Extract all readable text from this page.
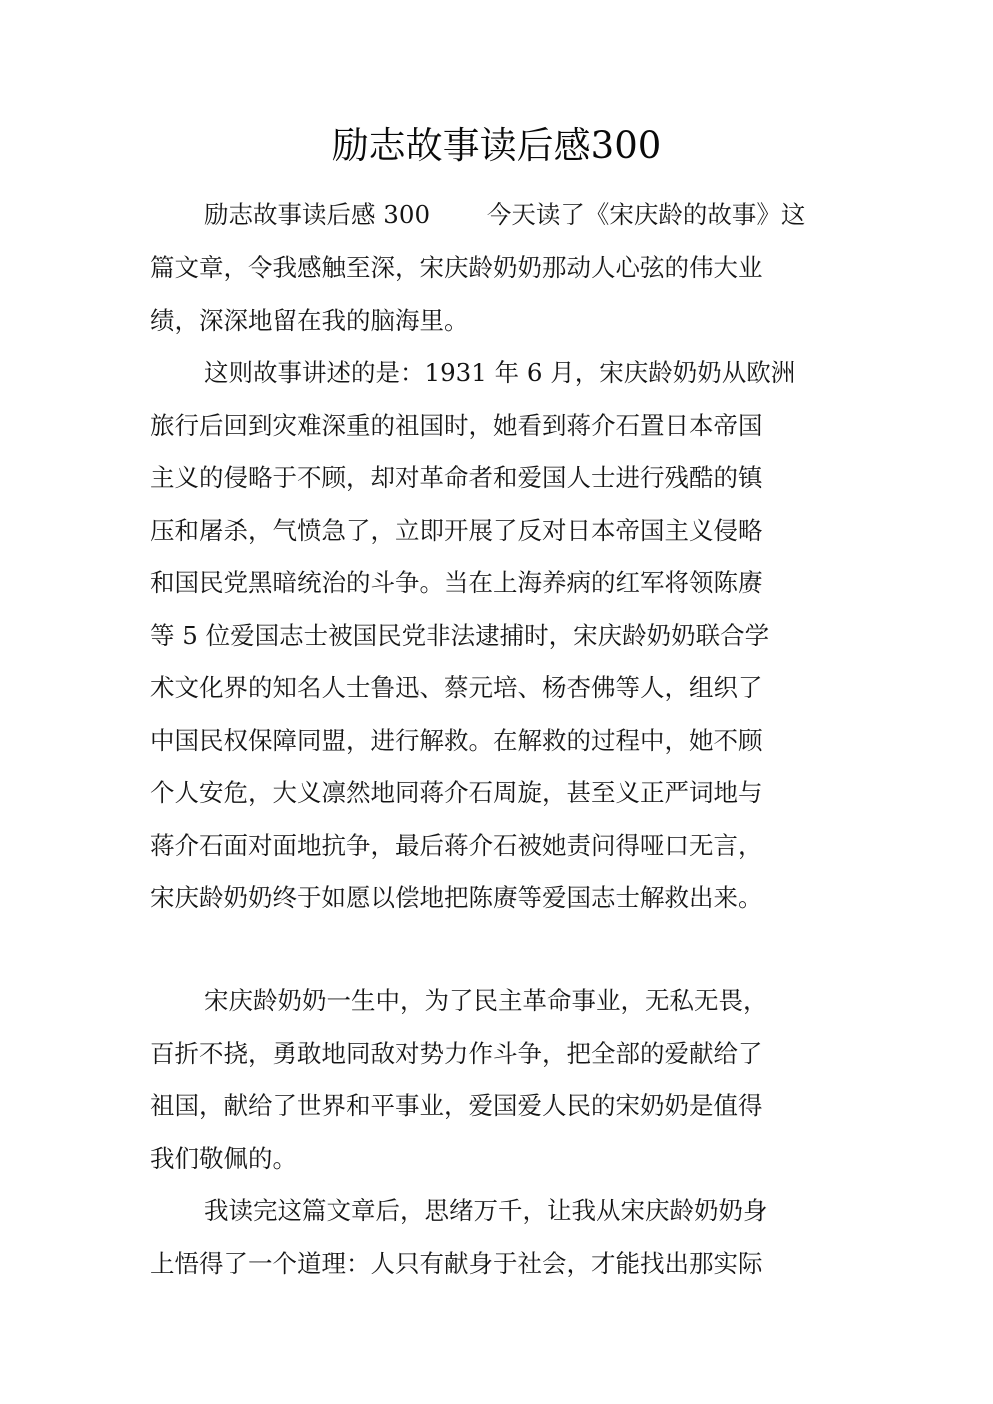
励志故事读后感300
励志故事读后感 300　　 今天读了《宋庆龄的故事》这
篇文章，令我感触至深，宋庆龄奶奶那动人心弦的伟大业
绩，深深地留在我的脑海里。
这则故事讲述的是：1931 年 6 月，宋庆龄奶奶从欧洲
旅行后回到灾难深重的祖国时，她看到蒋介石置日本帝国
主义的侵略于不顾，却对革命者和爱国人士进行残酷的镇
压和屠杀，气愤急了，立即开展了反对日本帝国主义侵略
和国民党黑暗统治的斗争。当在上海养病的红军将领陈赓
等 5 位爱国志士被国民党非法逮捕时，宋庆龄奶奶联合学
术文化界的知名人士鲁迅、蔡元培、杨杏佛等人，组织了
中国民权保障同盟，进行解救。在解救的过程中，她不顾
个人安危，大义凛然地同蒋介石周旋，甚至义正严词地与
蒋介石面对面地抗争，最后蒋介石被她责问得哑口无言，
宋庆龄奶奶终于如愿以偿地把陈赓等爱国志士解救出来。
宋庆龄奶奶一生中，为了民主革命事业，无私无畏，
百折不挠，勇敢地同敌对势力作斗争，把全部的爱献给了
祖国，献给了世界和平事业，爱国爱人民的宋奶奶是值得
我们敬佩的。
我读完这篇文章后，思绪万千，让我从宋庆龄奶奶身
上悟得了一个道理：人只有献身于社会，才能找出那实际
